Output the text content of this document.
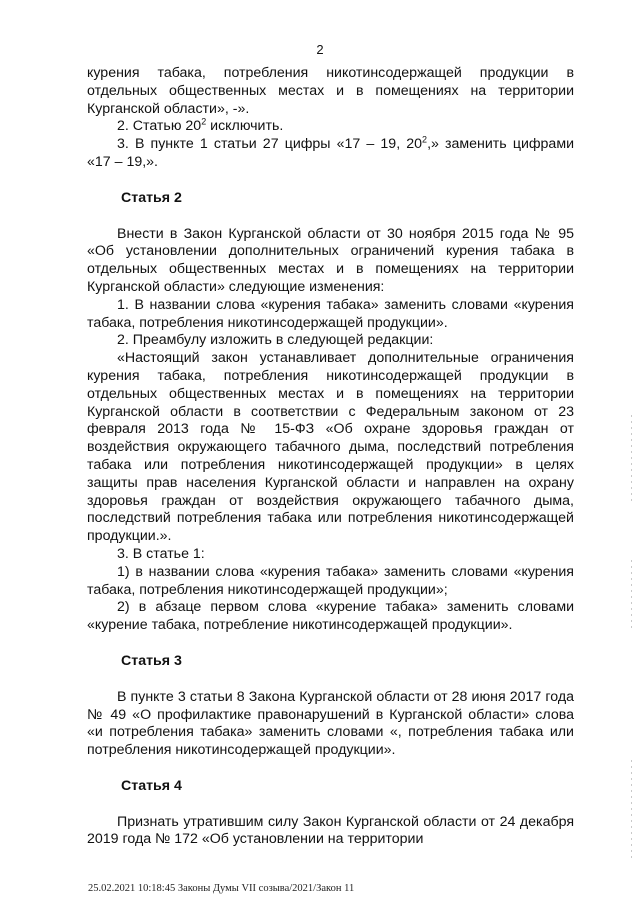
2

курения табака, потребления никотинсодержащей продукции в отдельных общественных местах и в помещениях на территории Курганской области», -».

2. Статью $20^2$ исключить.

3. В пункте 1 статьи 27 цифры «17 – 19, $20^2$,» заменить цифрами «17 – 19,».

Статья 2

Внести в Закон Курганской области от 30 ноября 2015 года № 95 «Об установлении дополнительных ограничений курения табака в отдельных общественных местах и в помещениях на территории Курганской области» следующие изменения:

1. В названии слова «курения табака» заменить словами «курения табака, потребления никотинсодержащей продукции».

2. Преамбулу изложить в следующей редакции:

«Настоящий закон устанавливает дополнительные ограничения курения табака, потребления никотинсодержащей продукции в отдельных общественных местах и в помещениях на территории Курганской области в соответствии с Федеральным законом от 23 февраля 2013 года № 15-ФЗ «Об охране здоровья граждан от воздействия окружающего табачного дыма, последствий потребления табака или потребления никотинсодержащей продукции» в целях защиты прав населения Курганской области и направлен на охрану здоровья граждан от воздействия окружающего табачного дыма, последствий потребления табака или потребления никотинсодержащей продукции.».

3. В статье 1:

1) в названии слова «курения табака» заменить словами «курения табака, потребления никотинсодержащей продукции»;

2) в абзаце первом слова «курение табака» заменить словами «курение табака, потребление никотинсодержащей продукции».

Статья 3

В пункте 3 статьи 8 Закона Курганской области от 28 июня 2017 года № 49 «О профилактике правонарушений в Курганской области» слова «и потребления табака» заменить словами «, потребления табака или потребления никотинсодержащей продукции».

Статья 4

Признать утратившим силу Закон Курганской области от 24 декабря 2019 года № 172 «Об установлении на территории

25.02.2021 10:18:45 Законы Думы VII созыва/2021/Закон 11
